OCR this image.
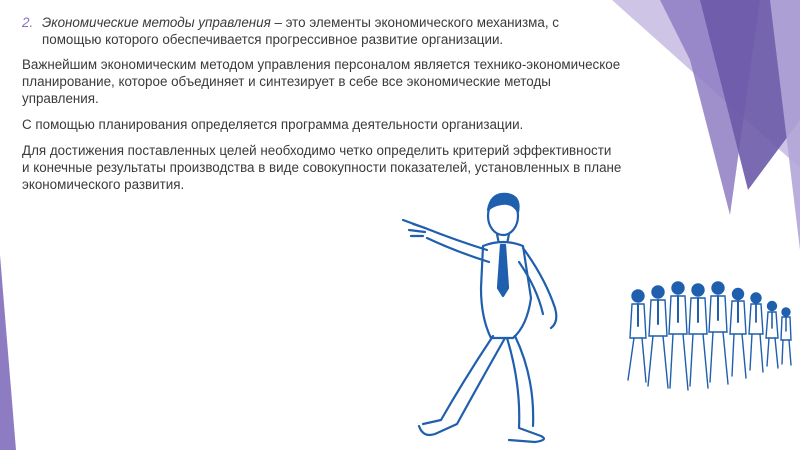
2. Экономические методы управления – это элементы экономического механизма, с помощью которого обеспечивается прогрессивное развитие организации.

Важнейшим экономическим методом управления персоналом является технико-экономическое планирование, которое объединяет и синтезирует в себе все экономические методы управления.

С помощью планирования определяется программа деятельности организации.

Для достижения поставленных целей необходимо четко определить критерий эффективности и конечные результаты производства в виде совокупности показателей, установленных в плане экономического развития.
